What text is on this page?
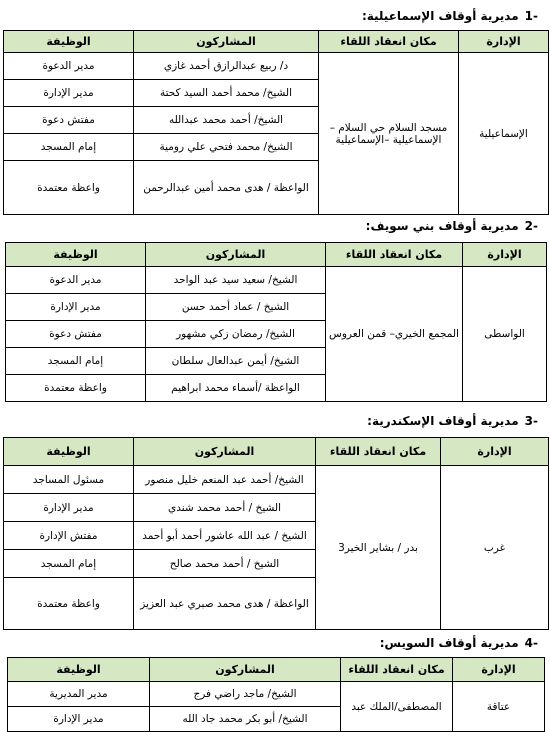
-1مديرية أوقاف الإسماعيلية:
الإدارة	مكان انعقاد اللقاء	المشاركون	الوظيفة
الإسماعيلية	مسجد السلام حي السلام – الإسماعيلية –الإسماعيلية	د/ ربيع عبدالرازق أحمد غازي	مدير الدعوة
		الشيخ/ محمد أحمد السيد كحتة	مدير الإدارة
		الشيخ/ أحمد محمد عبدالله	مفتش دعوة
		الشيخ/ محمد فتحي علي رومية	إمام المسجد
		الواعظة / هدى محمد أمين عبدالرحمن	واعظة معتمدة
-2مديرية أوقاف بني سويف:
الإدارة	مكان انعقاد اللقاء	المشاركون	الوظيفة
الواسطى	المجمع الخيري– قمن العروس	الشيخ/ سعيد سيد عبد الواحد	مدير الدعوة
		الشيخ / عماد أحمد حسن	مدير الإدارة
		الشيخ/ رمضان زكي مشهور	مفتش دعوة
		الشيخ/ أيمن عبدالعال سلطان	إمام المسجد
		الواعظة /أسماء محمد ابراهيم	واعظة معتمدة
-3مديرية أوقاف الإسكندرية:
الإدارة	مكان انعقاد اللقاء	المشاركون	الوظيفة
غرب	بدر / بشاير الخير3	الشيخ/ أحمد عبد المنعم خليل منصور	مسئول المساجد
		الشيخ / أحمد محمد شندي	مدير الإدارة
		الشيخ / عبد الله عاشور أحمد أبو أحمد	مفتش الإدارة
		الشيخ / أحمد محمد صالح	إمام المسجد
		الواعظة / هدى محمد صبري عبد العزيز	واعظة معتمدة
-4مديرية أوقاف السويس:
الإدارة	مكان انعقاد اللقاء	المشاركون	الوظيفة
عتاقة	المصطفى/الملك عبد	الشيخ/ ماجد راضي فرج	مدير المديرية
		الشيخ/ أبو بكر محمد جاد الله	مدير الإدارة
